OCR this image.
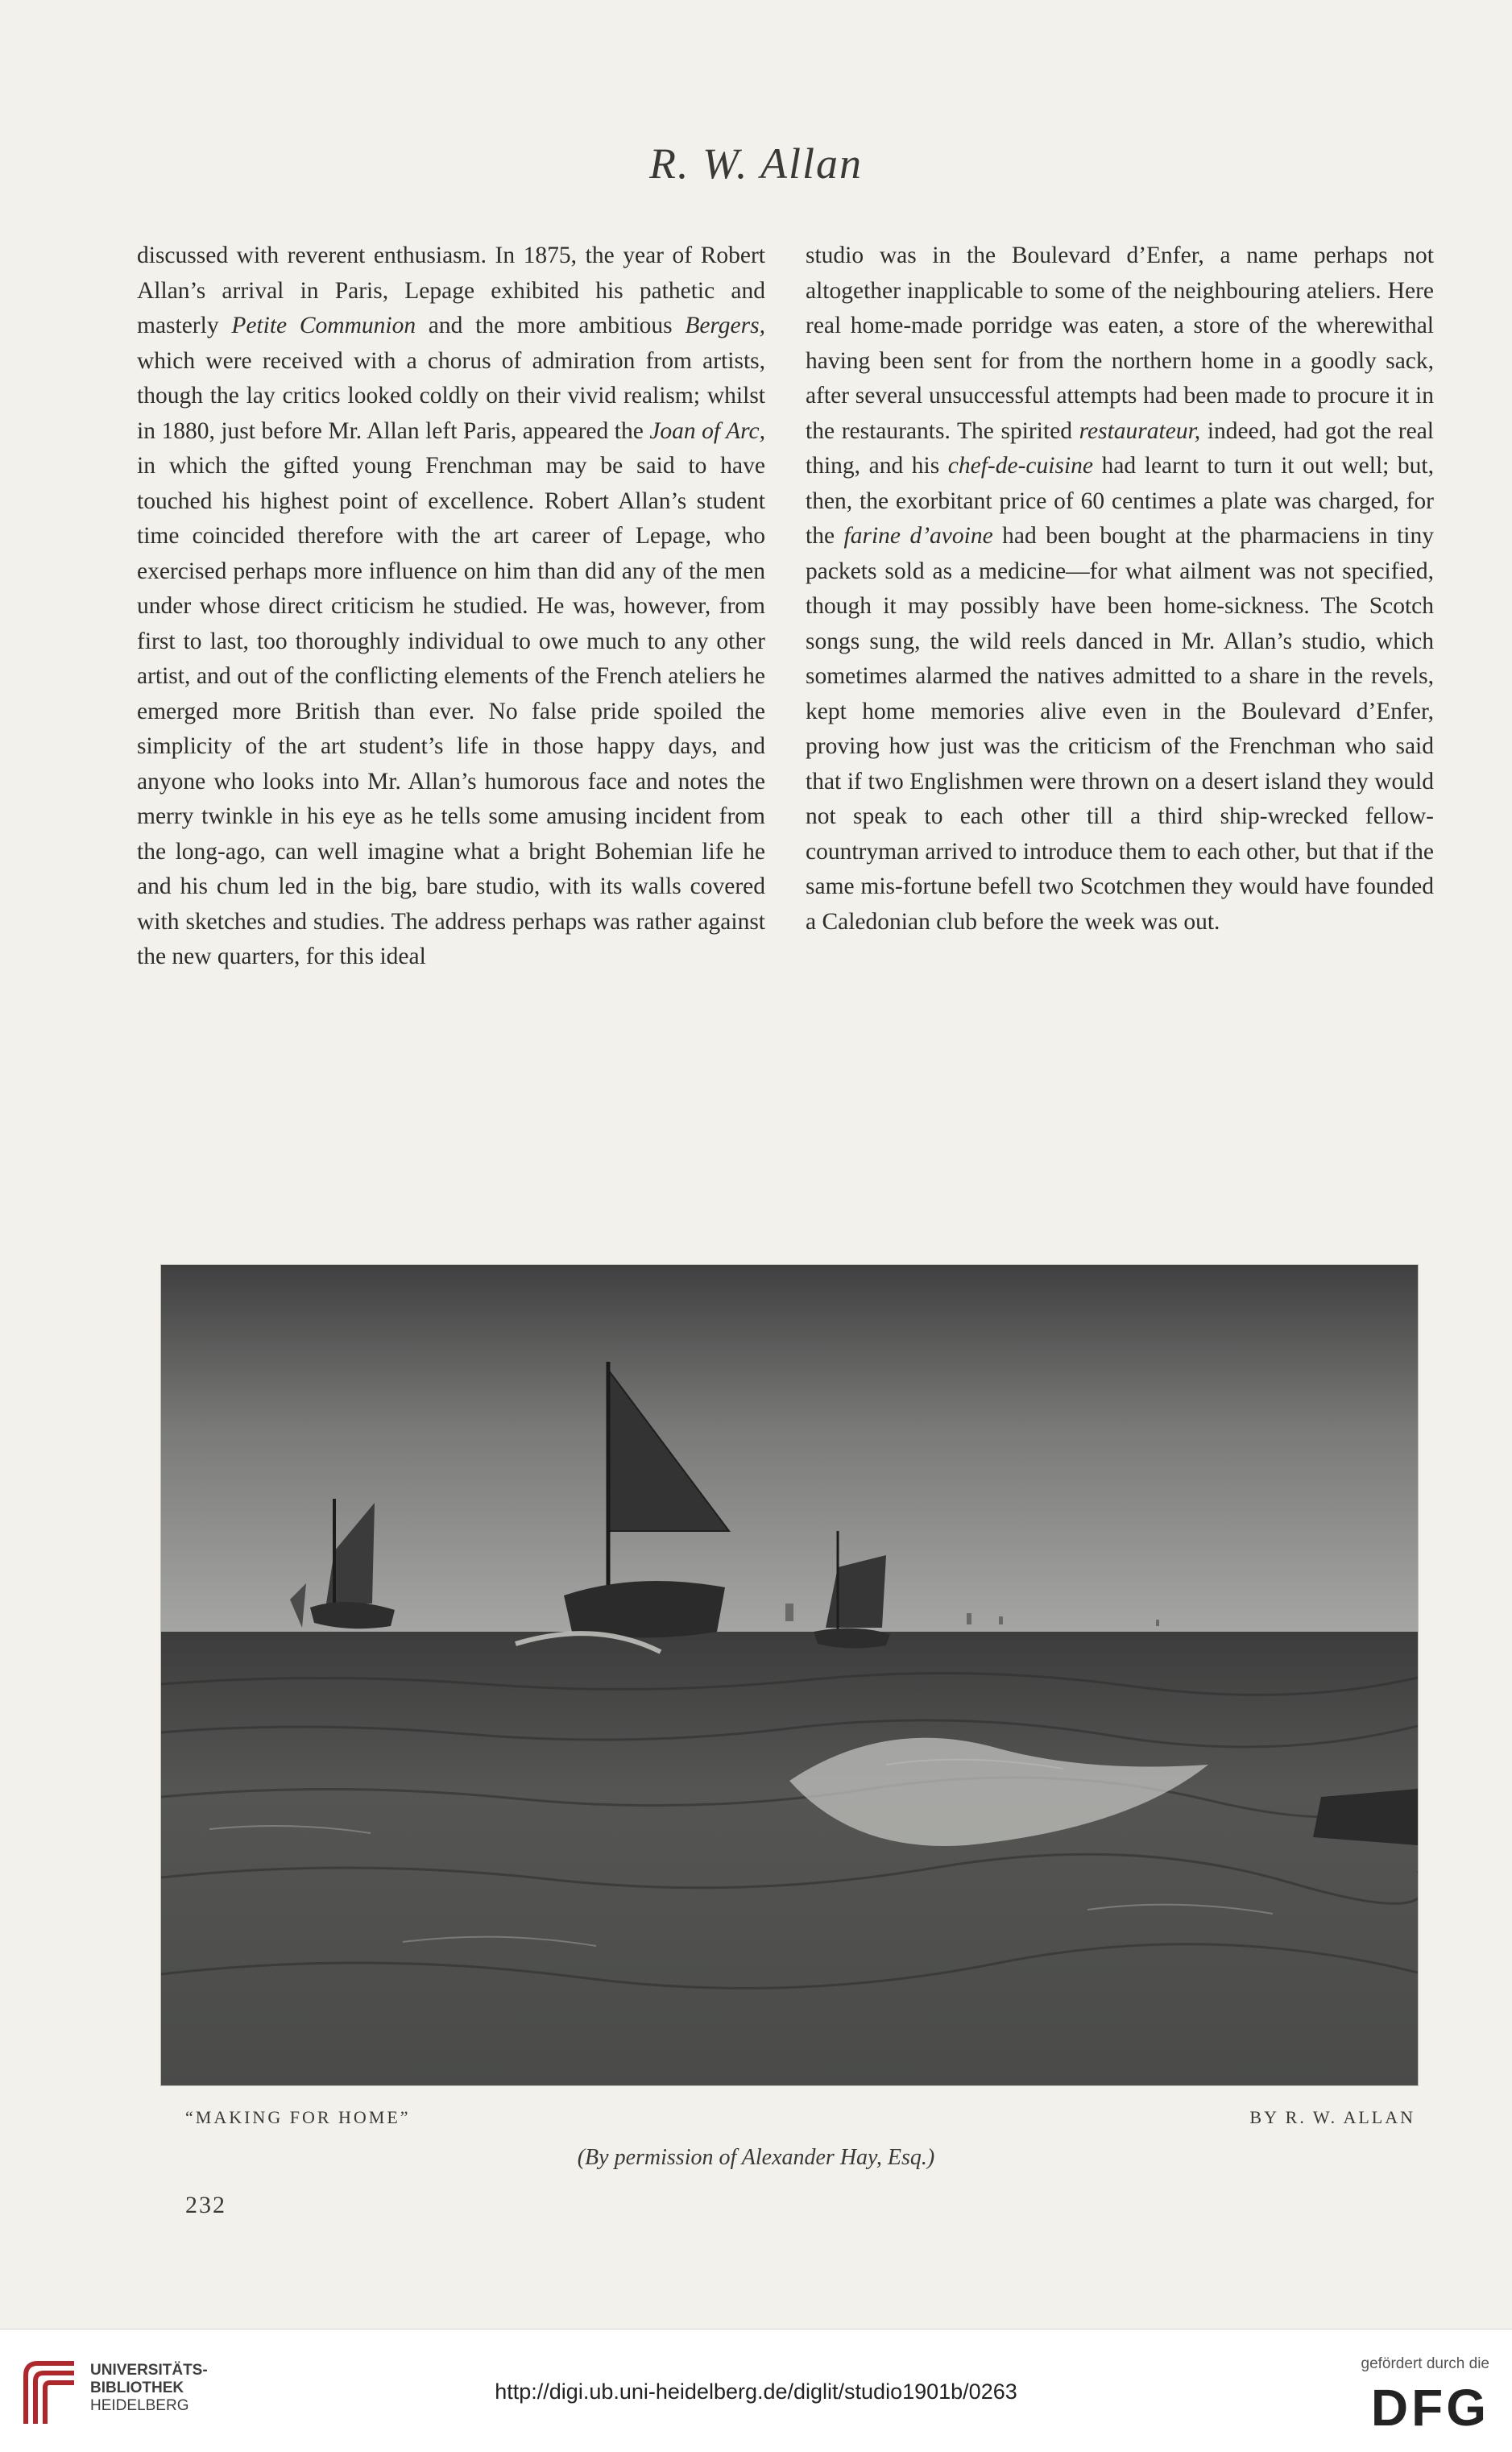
R. W. Allan

discussed with reverent enthusiasm. In 1875, the year of Robert Allan’s arrival in Paris, Lepage exhibited his pathetic and masterly Petite Communion and the more ambitious Bergers, which were received with a chorus of admiration from artists, though the lay critics looked coldly on their vivid realism; whilst in 1880, just before Mr. Allan left Paris, appeared the Joan of Arc, in which the gifted young Frenchman may be said to have touched his highest point of excellence. Robert Allan’s student time coincided therefore with the art career of Lepage, who exercised perhaps more influence on him than did any of the men under whose direct criticism he studied. He was, however, from first to last, too thoroughly individual to owe much to any other artist, and out of the conflicting elements of the French ateliers he emerged more British than ever. No false pride spoiled the simplicity of the art student’s life in those happy days, and anyone who looks into Mr. Allan’s humorous face and notes the merry twinkle in his eye as he tells some amusing incident from the long-ago, can well imagine what a bright Bohemian life he and his chum led in the big, bare studio, with its walls covered with sketches and studies. The address perhaps was rather against the new quarters, for this ideal

studio was in the Boulevard d’Enfer, a name perhaps not altogether inapplicable to some of the neighbouring ateliers. Here real home-made porridge was eaten, a store of the wherewithal having been sent for from the northern home in a goodly sack, after several unsuccessful attempts had been made to procure it in the restaurants. The spirited restaurateur, indeed, had got the real thing, and his chef-de-cuisine had learnt to turn it out well; but, then, the exorbitant price of 60 centimes a plate was charged, for the farine d’avoine had been bought at the pharmaciens in tiny packets sold as a medicine—for what ailment was not specified, though it may possibly have been home-sickness. The Scotch songs sung, the wild reels danced in Mr. Allan’s studio, which sometimes alarmed the natives admitted to a share in the revels, kept home memories alive even in the Boulevard d’Enfer, proving how just was the criticism of the Frenchman who said that if two Englishmen were thrown on a desert island they would not speak to each other till a third ship-wrecked fellow-countryman arrived to introduce them to each other, but that if the same mis-fortune befell two Scotchmen they would have founded a Caledonian club before the week was out.

“MAKING FOR HOME”	BY R. W. ALLAN
(By permission of Alexander Hay, Esq.)
232
UNIVERSITÄTS-
BIBLIOTHEK
HEIDELBERG
http://digi.ub.uni-heidelberg.de/diglit/studio1901b/0263
gefördert durch die
DFG
